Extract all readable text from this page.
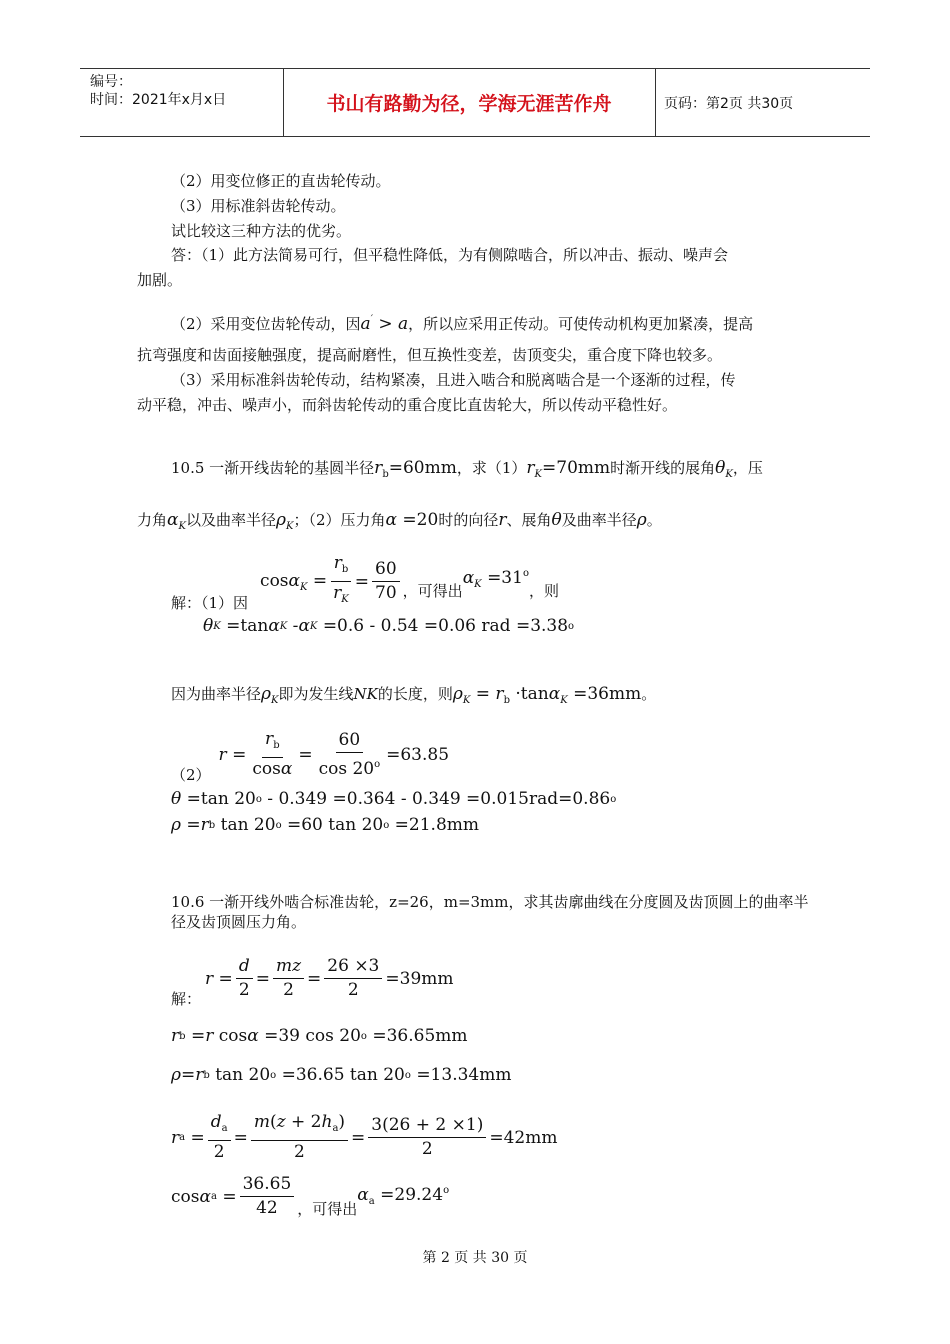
编号：
时间：2021年x月x日	书山有路勤为径，学海无涯苦作舟	页码：第2页 共30页
（2）用变位修正的直齿轮传动。
（3）用标准斜齿轮传动。
试比较这三种方法的优劣。
答：（1）此方法简易可行，但平稳性降低，为有侧隙啮合，所以冲击、振动、噪声会
加剧。
（2）采用变位齿轮传动，因a′ > a，所以应采用正传动。可使传动机构更加紧凑，提高
抗弯强度和齿面接触强度，提高耐磨性，但互换性变差，齿顶变尖，重合度下降也较多。
（3）采用标准斜齿轮传动，结构紧凑，且进入啮合和脱离啮合是一个逐渐的过程，传
动平稳，冲击、噪声小，而斜齿轮传动的重合度比直齿轮大，所以传动平稳性好。
10.5 一渐开线齿轮的基圆半径$r_b=60mm$，求$(1)r_K=70mm$时渐开线的展角$\theta_K$，压
力角$\alpha_K$以及曲率半径$\rho_K$；（2）压力角α =20时的向径r、展角θ及曲率半径ρ。
解：（1）因
$\cos\alpha_K = \frac{r_b}{r_K} = \frac{60}{70}$ ，可得出
$\alpha_K =31^o$
，则
θ K
=tan α K - α K
=0.6 - 0.54 =0.06 rad =3.38 o
因为曲率半径$\rho_K$即为发生线NK的长度，则$\rho_K = r_b \cdot\tan\alpha_K =36mm$。
（2）
$r = \frac{r_b}{\cos\alpha} = \frac{60}{\cos 20^o} =63.85$
θ
=tan 20 o
- 0.349 =0.364 - 0.349 =0.015rad=0.86 o
ρ = r b
tan 20 o
=60 tan 20 o
=21.8mm
10.6 一渐开线外啮合标准齿轮，z=26，m=3mm，求其齿廓曲线在分度圆及齿顶圆上的曲率半径及齿顶圆压力角。
解：
$r = \frac{d}{2} = \frac{mz}{2} = \frac{26 \times 3}{2} =39mm$
r b = r
cos α
=39 cos 20 o
=36.65mm
ρ = r b
tan 20 o
=36.65 tan 20 o
=13.34mm
r $a = \frac{d_a}{2} = \frac{m(z + 2h_a)}{2} = \frac{3(26 + 2 \times 1)}{2} =42mm$
cos α $a = \frac{36.65}{42}$ ，可得出
$\alpha_a =29.24^o$
第 2 页 共 30 页
